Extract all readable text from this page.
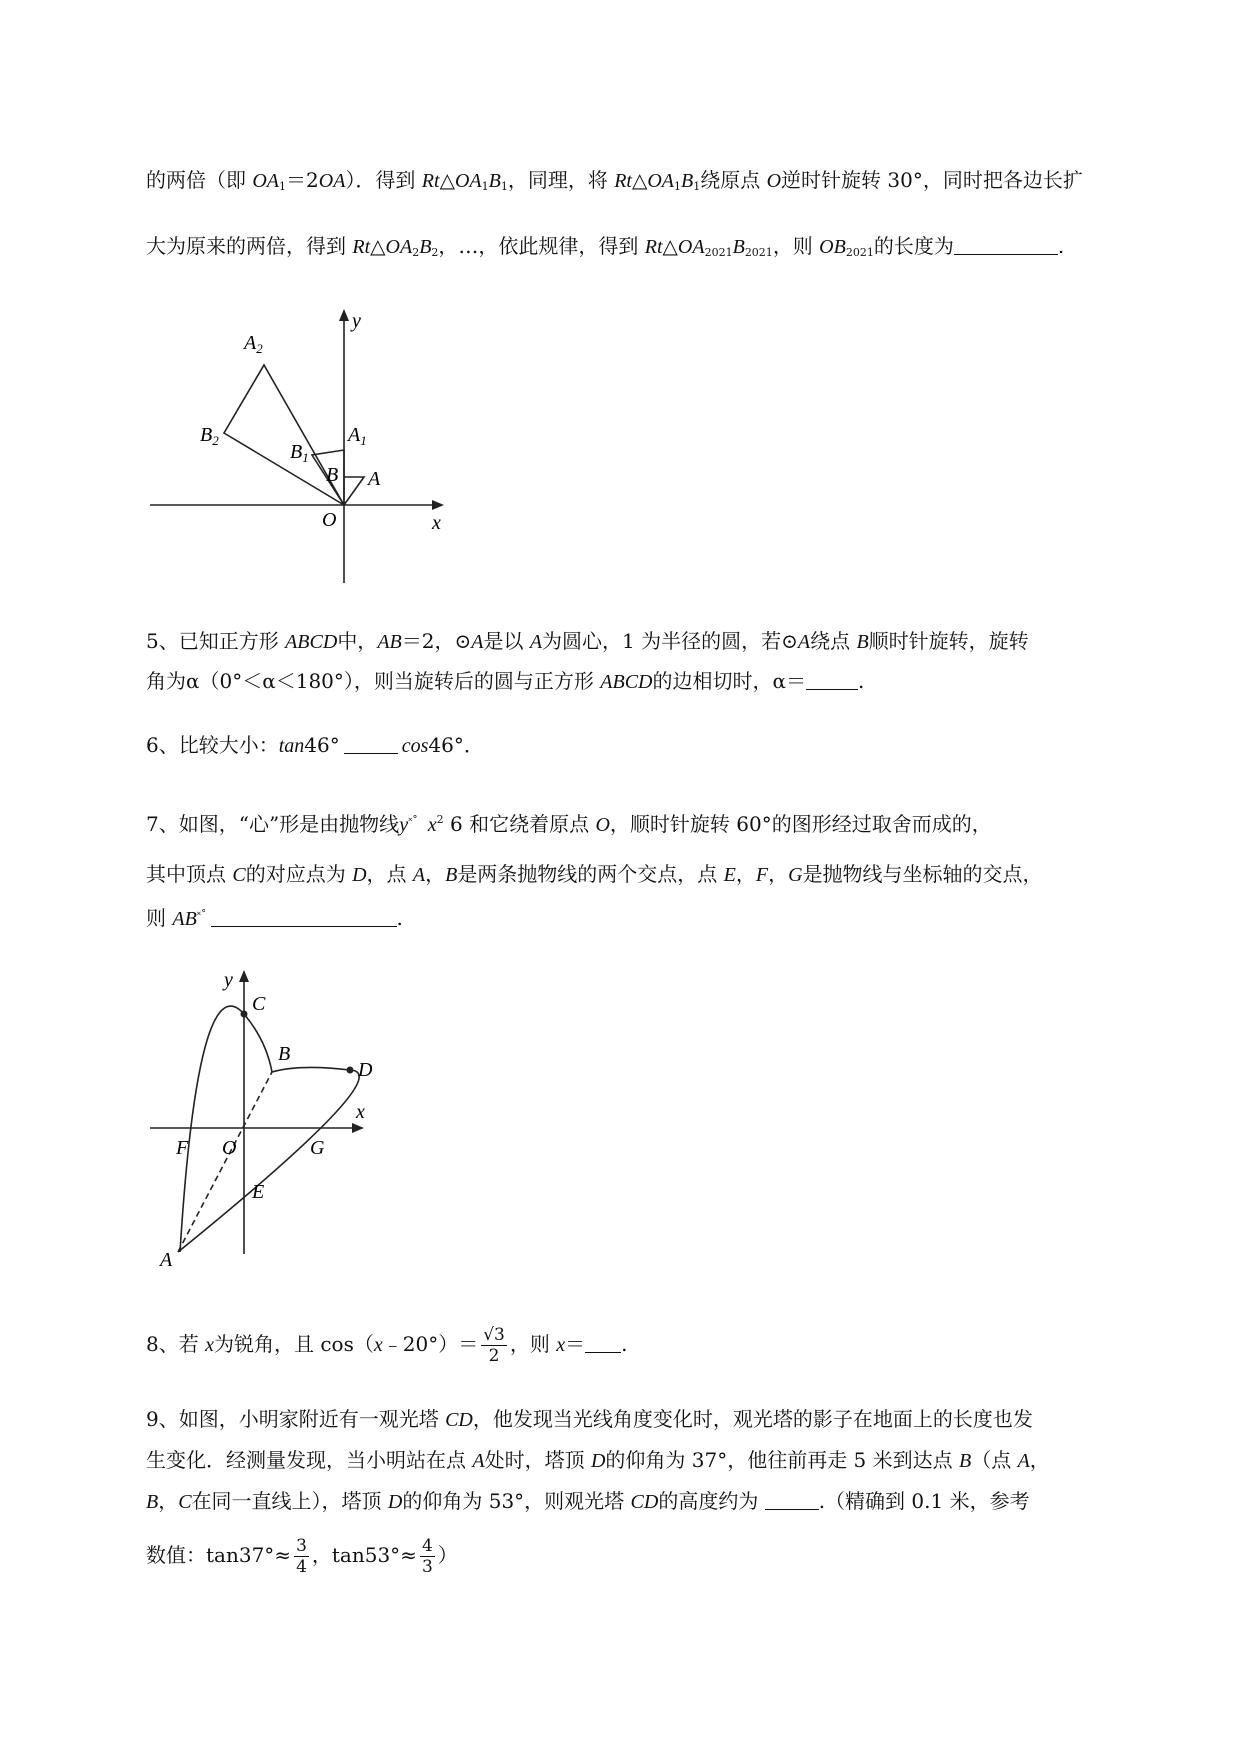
的两倍（即 $OA_1=2OA$）．得到 $Rt\triangle OA_1B_1$，同理，将 $Rt\triangle OA_1B_1$绕原点 O逆时针旋转 30°，同时把各边长扩
大为原来的两倍，得到 $Rt\triangle OA_2B_2$，…，依此规律，得到 $Rt\triangle OA_{2021}B_{2021}$，则 $OB_{2021}$的长度为	.
y
x
O
A
B
$A_1$
$B_1$
$A_2$
$B_2$
5、已知正方形 ABCD中，AB＝2，⊙A是以 A为圆心，1 为半径的圆，若⊙A绕点 B顺时针旋转，旋转
角为α（0°＜α＜180°），则当旋转后的圆与正方形 ABCD的边相切时，α＝	.
6、比较大小：tan46°	cos46°．
7、如图，“心”形是由抛物线y˟˚ $x^2$ 6 和它绕着原点 O，顺时针旋转 60°的图形经过取舍而成的，
其中顶点 C的对应点为 D，点 A，B是两条抛物线的两个交点，点 E，F，G是抛物线与坐标轴的交点，
则 AB˟˚	.
y
x
C
B
D
F O	G
E
A
8、若 x为锐角，且 cos（x﹣20°）＝ $\frac{√3}{2}$ ，则 x＝ .
9、如图，小明家附近有一观光塔 CD，他发现当光线角度变化时，观光塔的影子在地面上的长度也发
生变化．经测量发现，当小明站在点 A处时，塔顶 D的仰角为 37°，他往前再走 5 米到达点 B（点 A，
B，C在同一直线上），塔顶 D的仰角为 53°，则观光塔 CD的高度约为	.（精确到 0.1 米，参考
数值：$\tan 37^\circ\approx \frac{3}{4}$ ，$\tan 53^\circ\approx \frac{4}{3}$ ）
